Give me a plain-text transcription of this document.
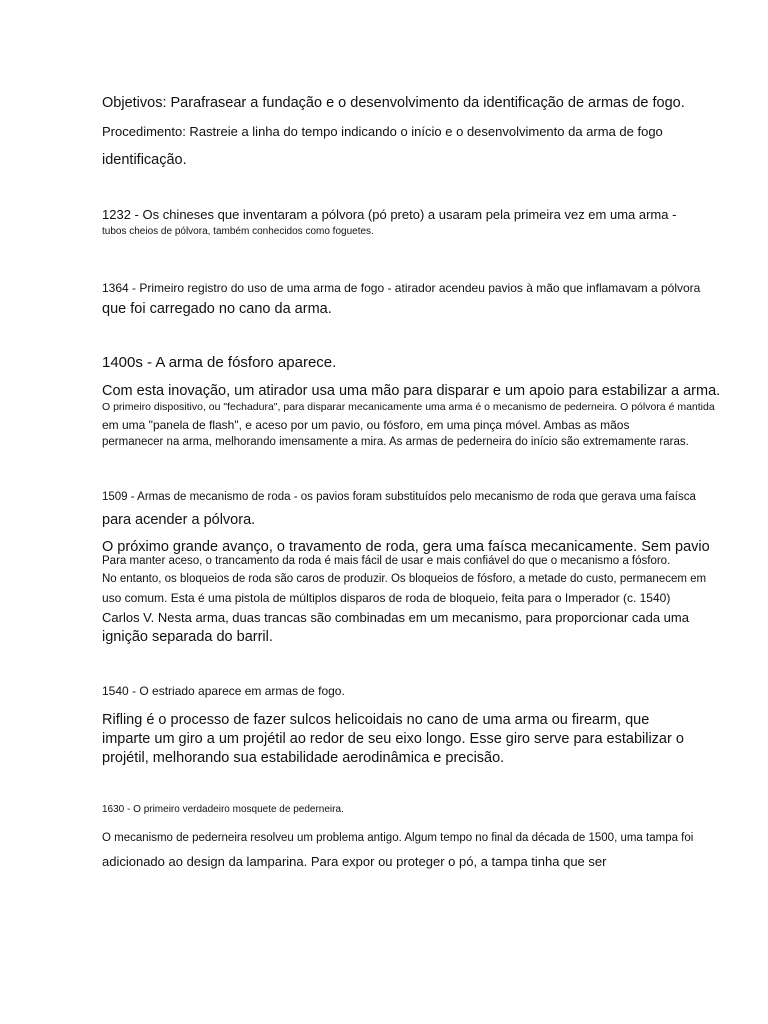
Objetivos: Parafrasear a fundação e o desenvolvimento da identificação de armas de fogo.
Procedimento: Rastreie a linha do tempo indicando o início e o desenvolvimento da arma de fogo
identificação.
1232 - Os chineses que inventaram a pólvora (pó preto) a usaram pela primeira vez em uma arma -
tubos cheios de pólvora, também conhecidos como foguetes.
1364 - Primeiro registro do uso de uma arma de fogo - atirador acendeu pavios à mão que inflamavam a pólvora
que foi carregado no cano da arma.
1400s - A arma de fósforo aparece.
Com esta inovação, um atirador usa uma mão para disparar e um apoio para estabilizar a arma.
O primeiro dispositivo, ou "fechadura", para disparar mecanicamente uma arma é o mecanismo de pederneira. O pólvora é mantida
em uma "panela de flash", e aceso por um pavio, ou fósforo, em uma pinça móvel. Ambas as mãos
permanecer na arma, melhorando imensamente a mira. As armas de pederneira do início são extremamente raras.
1509 - Armas de mecanismo de roda - os pavios foram substituídos pelo mecanismo de roda que gerava uma faísca
para acender a pólvora.
O próximo grande avanço, o travamento de roda, gera uma faísca mecanicamente. Sem pavio
Para manter aceso, o trancamento da roda é mais fácil de usar e mais confiável do que o mecanismo a fósforo.
No entanto, os bloqueios de roda são caros de produzir. Os bloqueios de fósforo, a metade do custo, permanecem em
uso comum. Esta é uma pistola de múltiplos disparos de roda de bloqueio, feita para o Imperador (c. 1540)
Carlos V. Nesta arma, duas trancas são combinadas em um mecanismo, para proporcionar cada uma
ignição separada do barril.
1540 - O estriado aparece em armas de fogo.
Rifling é o processo de fazer sulcos helicoidais no cano de uma arma ou firearm, que
imparte um giro a um projétil ao redor de seu eixo longo. Esse giro serve para estabilizar o
projétil, melhorando sua estabilidade aerodinâmica e precisão.
1630 - O primeiro verdadeiro mosquete de pederneira.
O mecanismo de pederneira resolveu um problema antigo. Algum tempo no final da década de 1500, uma tampa foi
adicionado ao design da lamparina. Para expor ou proteger o pó, a tampa tinha que ser
